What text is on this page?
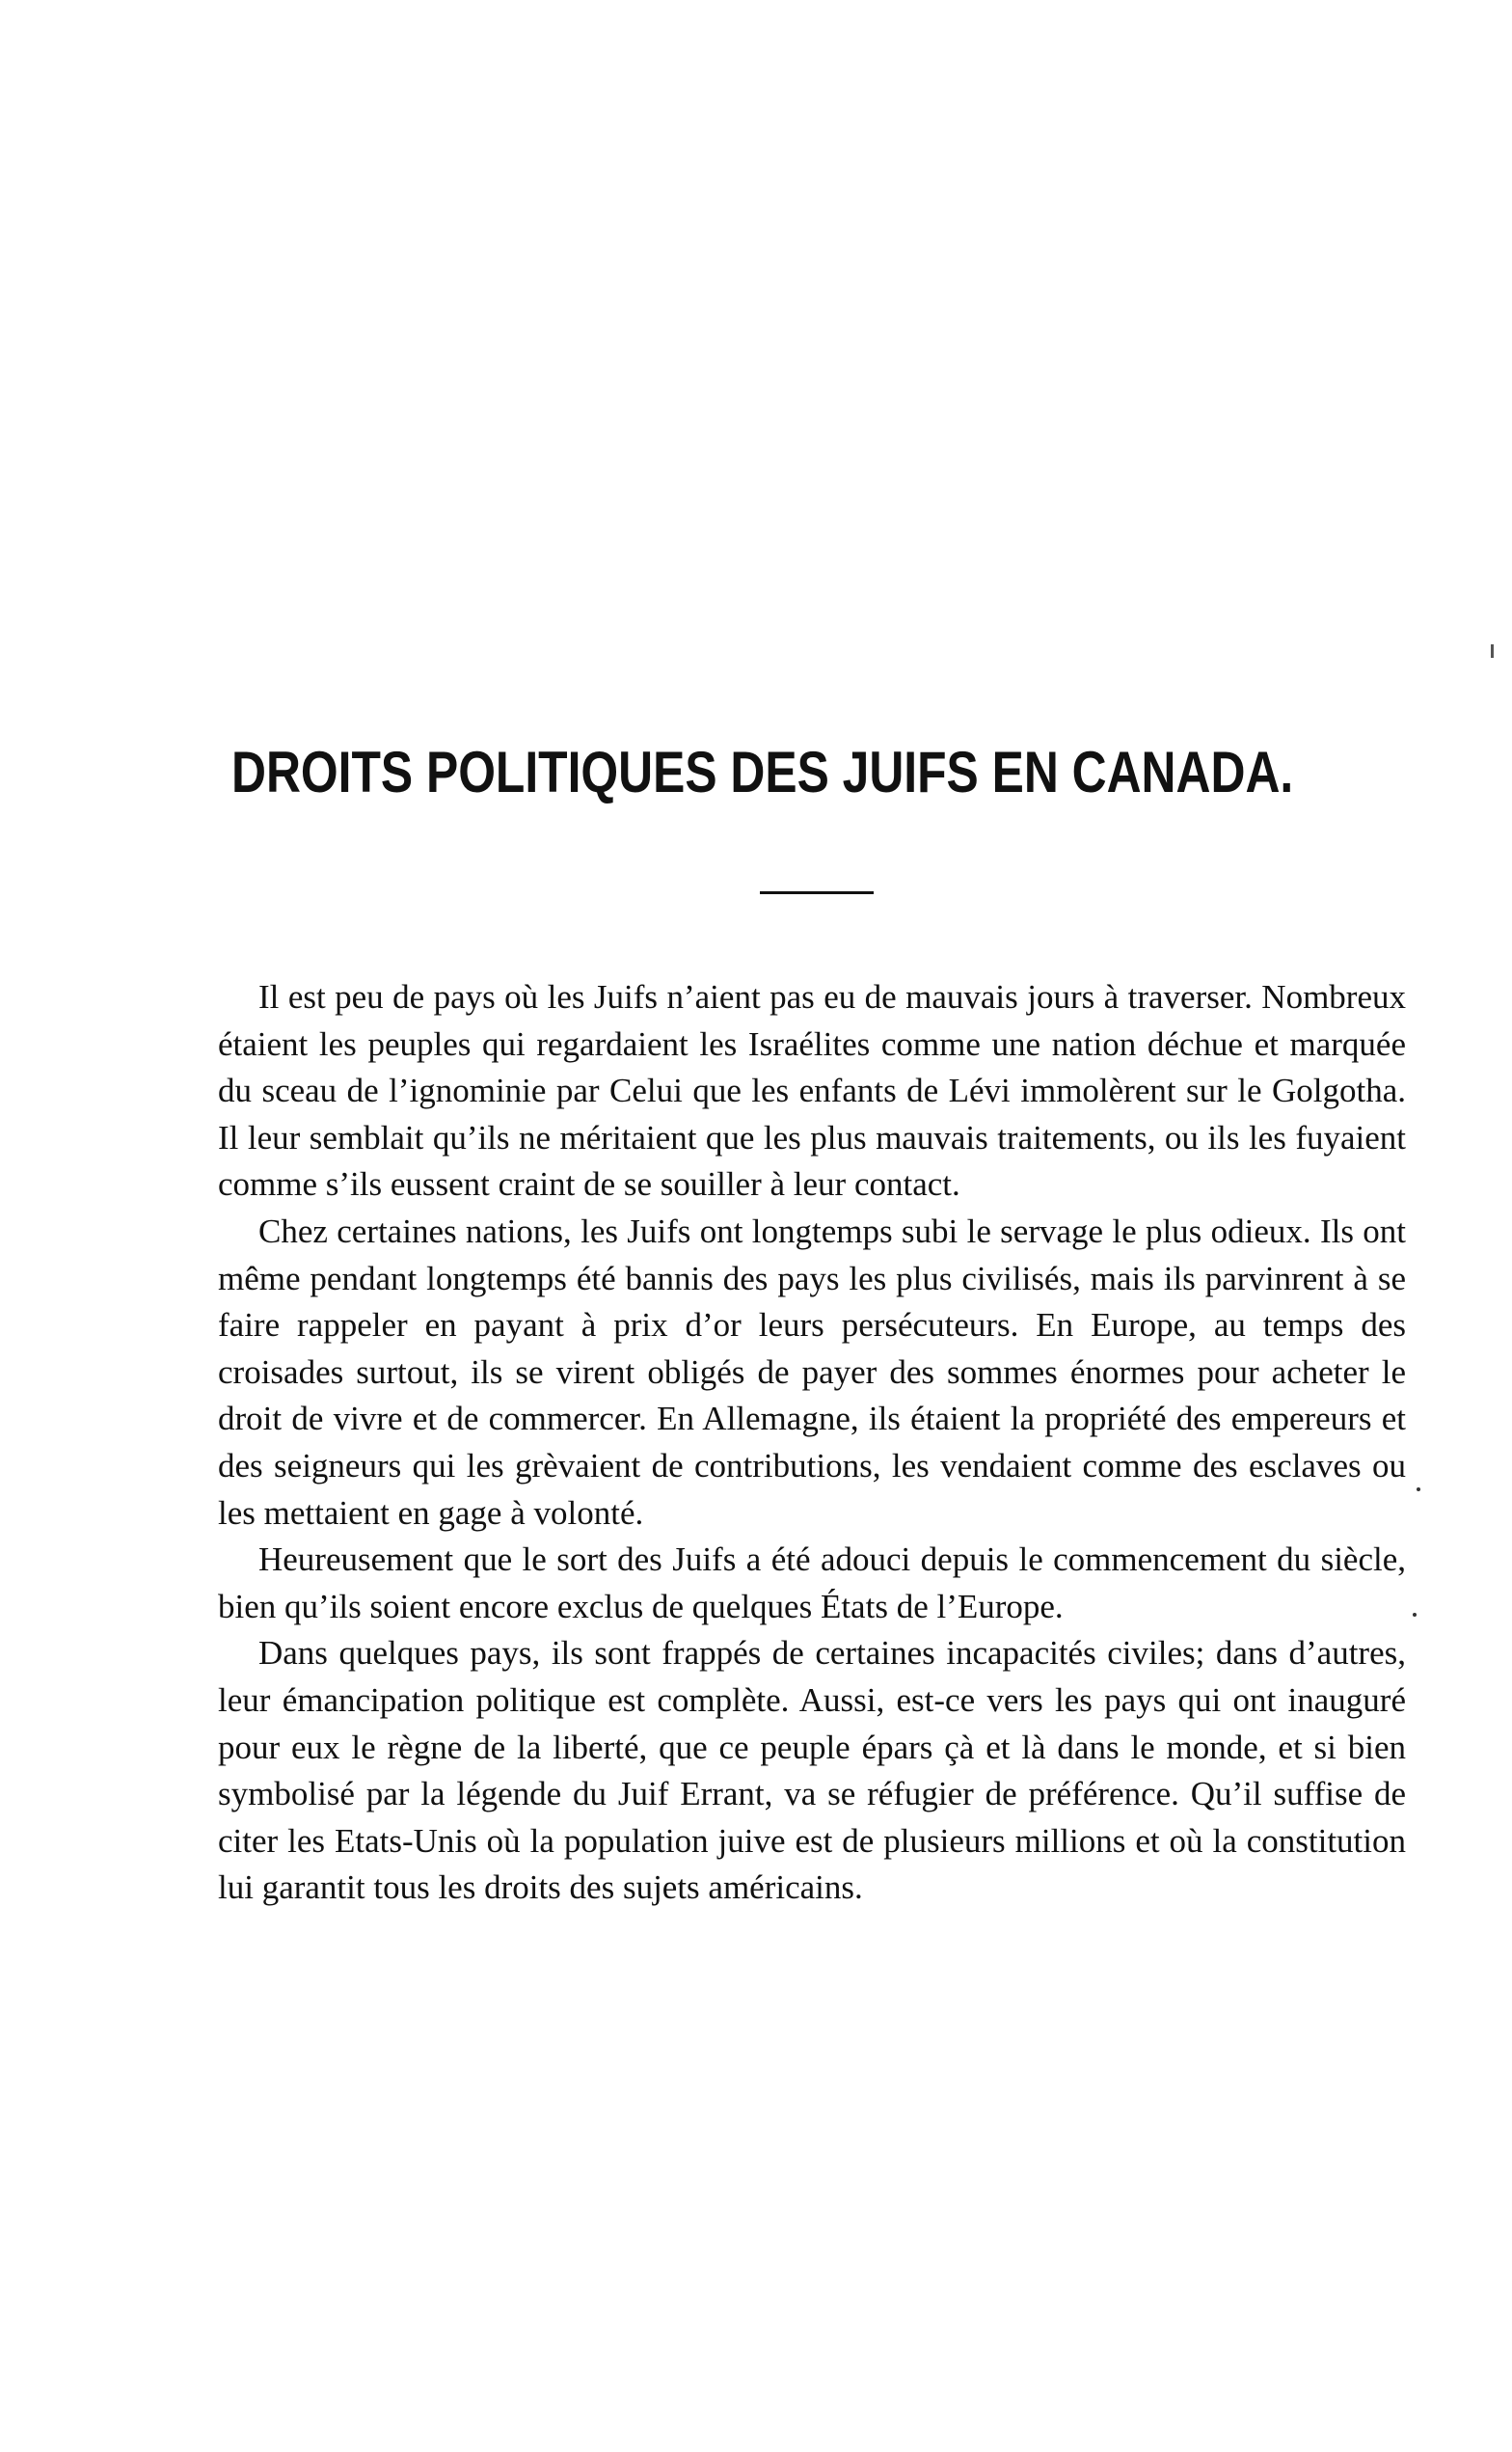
DROITS POLITIQUES DES JUIFS EN CANADA.

Il est peu de pays où les Juifs n’aient pas eu de mauvais jours à traverser. Nombreux étaient les peuples qui regardaient les Israélites comme une nation déchue et marquée du sceau de l’ignominie par Celui que les enfants de Lévi immolèrent sur le Golgotha. Il leur semblait qu’ils ne méritaient que les plus mauvais traitements, ou ils les fuyaient comme s’ils eussent craint de se souiller à leur contact.

Chez certaines nations, les Juifs ont longtemps subi le servage le plus odieux. Ils ont même pendant longtemps été bannis des pays les plus civilisés, mais ils parvinrent à se faire rappeler en payant à prix d’or leurs persécuteurs. En Europe, au temps des croisades surtout, ils se virent obligés de payer des sommes énormes pour acheter le droit de vivre et de commercer. En Allemagne, ils étaient la propriété des empereurs et des seigneurs qui les grèvaient de contributions, les vendaient comme des esclaves ou les mettaient en gage à volonté.

Heureusement que le sort des Juifs a été adouci depuis le commencement du siècle, bien qu’ils soient encore exclus de quelques États de l’Europe.

Dans quelques pays, ils sont frappés de certaines incapacités civiles; dans d’autres, leur émancipation politique est complète. Aussi, est-ce vers les pays qui ont inauguré pour eux le règne de la liberté, que ce peuple épars çà et là dans le monde, et si bien symbolisé par la légende du Juif Errant, va se réfugier de préférence. Qu’il suffise de citer les Etats-Unis où la population juive est de plusieurs millions et où la constitution lui garantit tous les droits des sujets américains.
